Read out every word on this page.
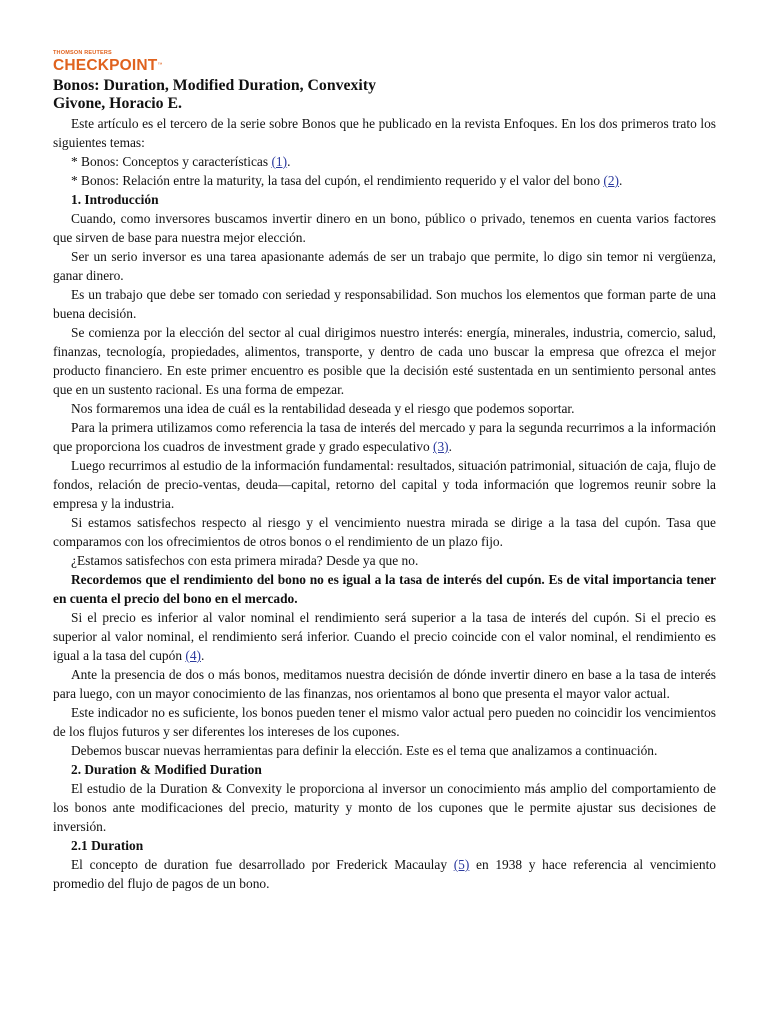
THOMSON REUTERS
CHECKPOINT™
Bonos: Duration, Modified Duration, Convexity
Givone, Horacio E.

Este artículo es el tercero de la serie sobre Bonos que he publicado en la revista Enfoques. En los dos primeros trato los siguientes temas:

* Bonos: Conceptos y características (1).

* Bonos: Relación entre la maturity, la tasa del cupón, el rendimiento requerido y el valor del bono (2).

1. Introducción

Cuando, como inversores buscamos invertir dinero en un bono, público o privado, tenemos en cuenta varios factores que sirven de base para nuestra mejor elección.

Ser un serio inversor es una tarea apasionante además de ser un trabajo que permite, lo digo sin temor ni vergüenza, ganar dinero.

Es un trabajo que debe ser tomado con seriedad y responsabilidad. Son muchos los elementos que forman parte de una buena decisión.

Se comienza por la elección del sector al cual dirigimos nuestro interés: energía, minerales, industria, comercio, salud, finanzas, tecnología, propiedades, alimentos, transporte, y dentro de cada uno buscar la empresa que ofrezca el mejor producto financiero. En este primer encuentro es posible que la decisión esté sustentada en un sentimiento personal antes que en un sustento racional. Es una forma de empezar.

Nos formaremos una idea de cuál es la rentabilidad deseada y el riesgo que podemos soportar.

Para la primera utilizamos como referencia la tasa de interés del mercado y para la segunda recurrimos a la información que proporciona los cuadros de investment grade y grado especulativo (3).

Luego recurrimos al estudio de la información fundamental: resultados, situación patrimonial, situación de caja, flujo de fondos, relación de precio-ventas, deuda—capital, retorno del capital y toda información que logremos reunir sobre la empresa y la industria.

Si estamos satisfechos respecto al riesgo y el vencimiento nuestra mirada se dirige a la tasa del cupón. Tasa que comparamos con los ofrecimientos de otros bonos o el rendimiento de un plazo fijo.

¿Estamos satisfechos con esta primera mirada? Desde ya que no.

Recordemos que el rendimiento del bono no es igual a la tasa de interés del cupón. Es de vital importancia tener en cuenta el precio del bono en el mercado.

Si el precio es inferior al valor nominal el rendimiento será superior a la tasa de interés del cupón. Si el precio es superior al valor nominal, el rendimiento será inferior. Cuando el precio coincide con el valor nominal, el rendimiento es igual a la tasa del cupón (4).

Ante la presencia de dos o más bonos, meditamos nuestra decisión de dónde invertir dinero en base a la tasa de interés para luego, con un mayor conocimiento de las finanzas, nos orientamos al bono que presenta el mayor valor actual.

Este indicador no es suficiente, los bonos pueden tener el mismo valor actual pero pueden no coincidir los vencimientos de los flujos futuros y ser diferentes los intereses de los cupones.

Debemos buscar nuevas herramientas para definir la elección. Este es el tema que analizamos a continuación.

2. Duration & Modified Duration

El estudio de la Duration & Convexity le proporciona al inversor un conocimiento más amplio del comportamiento de los bonos ante modificaciones del precio, maturity y monto de los cupones que le permite ajustar sus decisiones de inversión.

2.1 Duration

El concepto de duration fue desarrollado por Frederick Macaulay (5) en 1938 y hace referencia al vencimiento promedio del flujo de pagos de un bono.
